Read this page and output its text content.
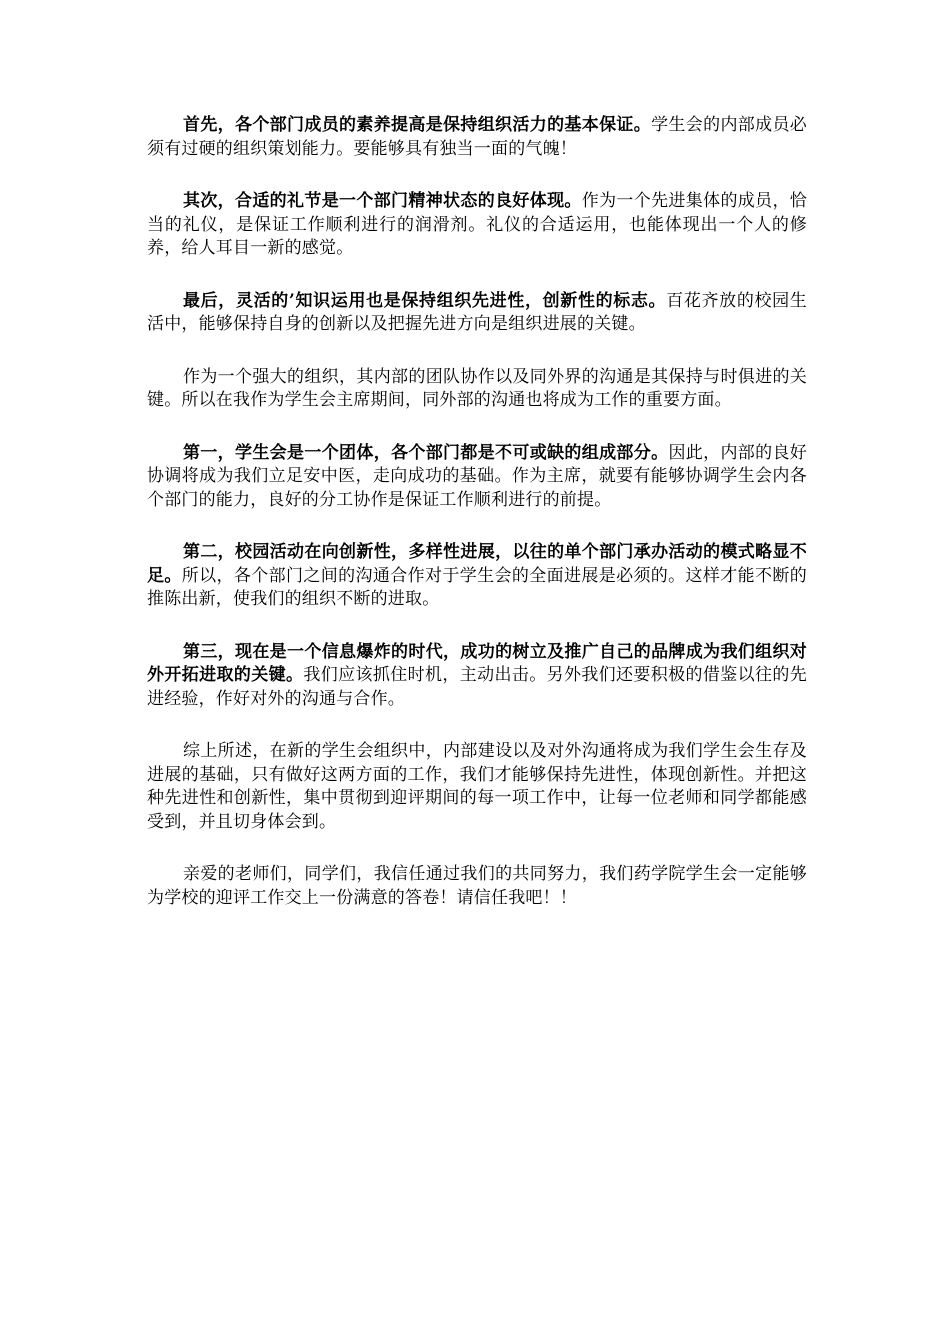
首先，各个部门成员的素养提高是保持组织活力的基本保证。学生会的内部成员必须有过硬的组织策划能力。要能够具有独当一面的气魄！

其次，合适的礼节是一个部门精神状态的良好体现。作为一个先进集体的成员，恰当的礼仪，是保证工作顺利进行的润滑剂。礼仪的合适运用，也能体现出一个人的修养，给人耳目一新的感觉。

最后，灵活的’知识运用也是保持组织先进性，创新性的标志。百花齐放的校园生活中，能够保持自身的创新以及把握先进方向是组织进展的关键。

作为一个强大的组织，其内部的团队协作以及同外界的沟通是其保持与时俱进的关键。所以在我作为学生会主席期间，同外部的沟通也将成为工作的重要方面。

第一，学生会是一个团体，各个部门都是不可或缺的组成部分。因此，内部的良好协调将成为我们立足安中医，走向成功的基础。作为主席，就要有能够协调学生会内各个部门的能力，良好的分工协作是保证工作顺利进行的前提。

第二，校园活动在向创新性，多样性进展，以往的单个部门承办活动的模式略显不足。所以，各个部门之间的沟通合作对于学生会的全面进展是必须的。这样才能不断的推陈出新，使我们的组织不断的进取。

第三，现在是一个信息爆炸的时代，成功的树立及推广自己的品牌成为我们组织对外开拓进取的关键。我们应该抓住时机，主动出击。另外我们还要积极的借鉴以往的先进经验，作好对外的沟通与合作。

综上所述，在新的学生会组织中，内部建设以及对外沟通将成为我们学生会生存及进展的基础，只有做好这两方面的工作，我们才能够保持先进性，体现创新性。并把这种先进性和创新性，集中贯彻到迎评期间的每一项工作中，让每一位老师和同学都能感受到，并且切身体会到。

亲爱的老师们，同学们，我信任通过我们的共同努力，我们药学院学生会一定能够为学校的迎评工作交上一份满意的答卷！请信任我吧！！
